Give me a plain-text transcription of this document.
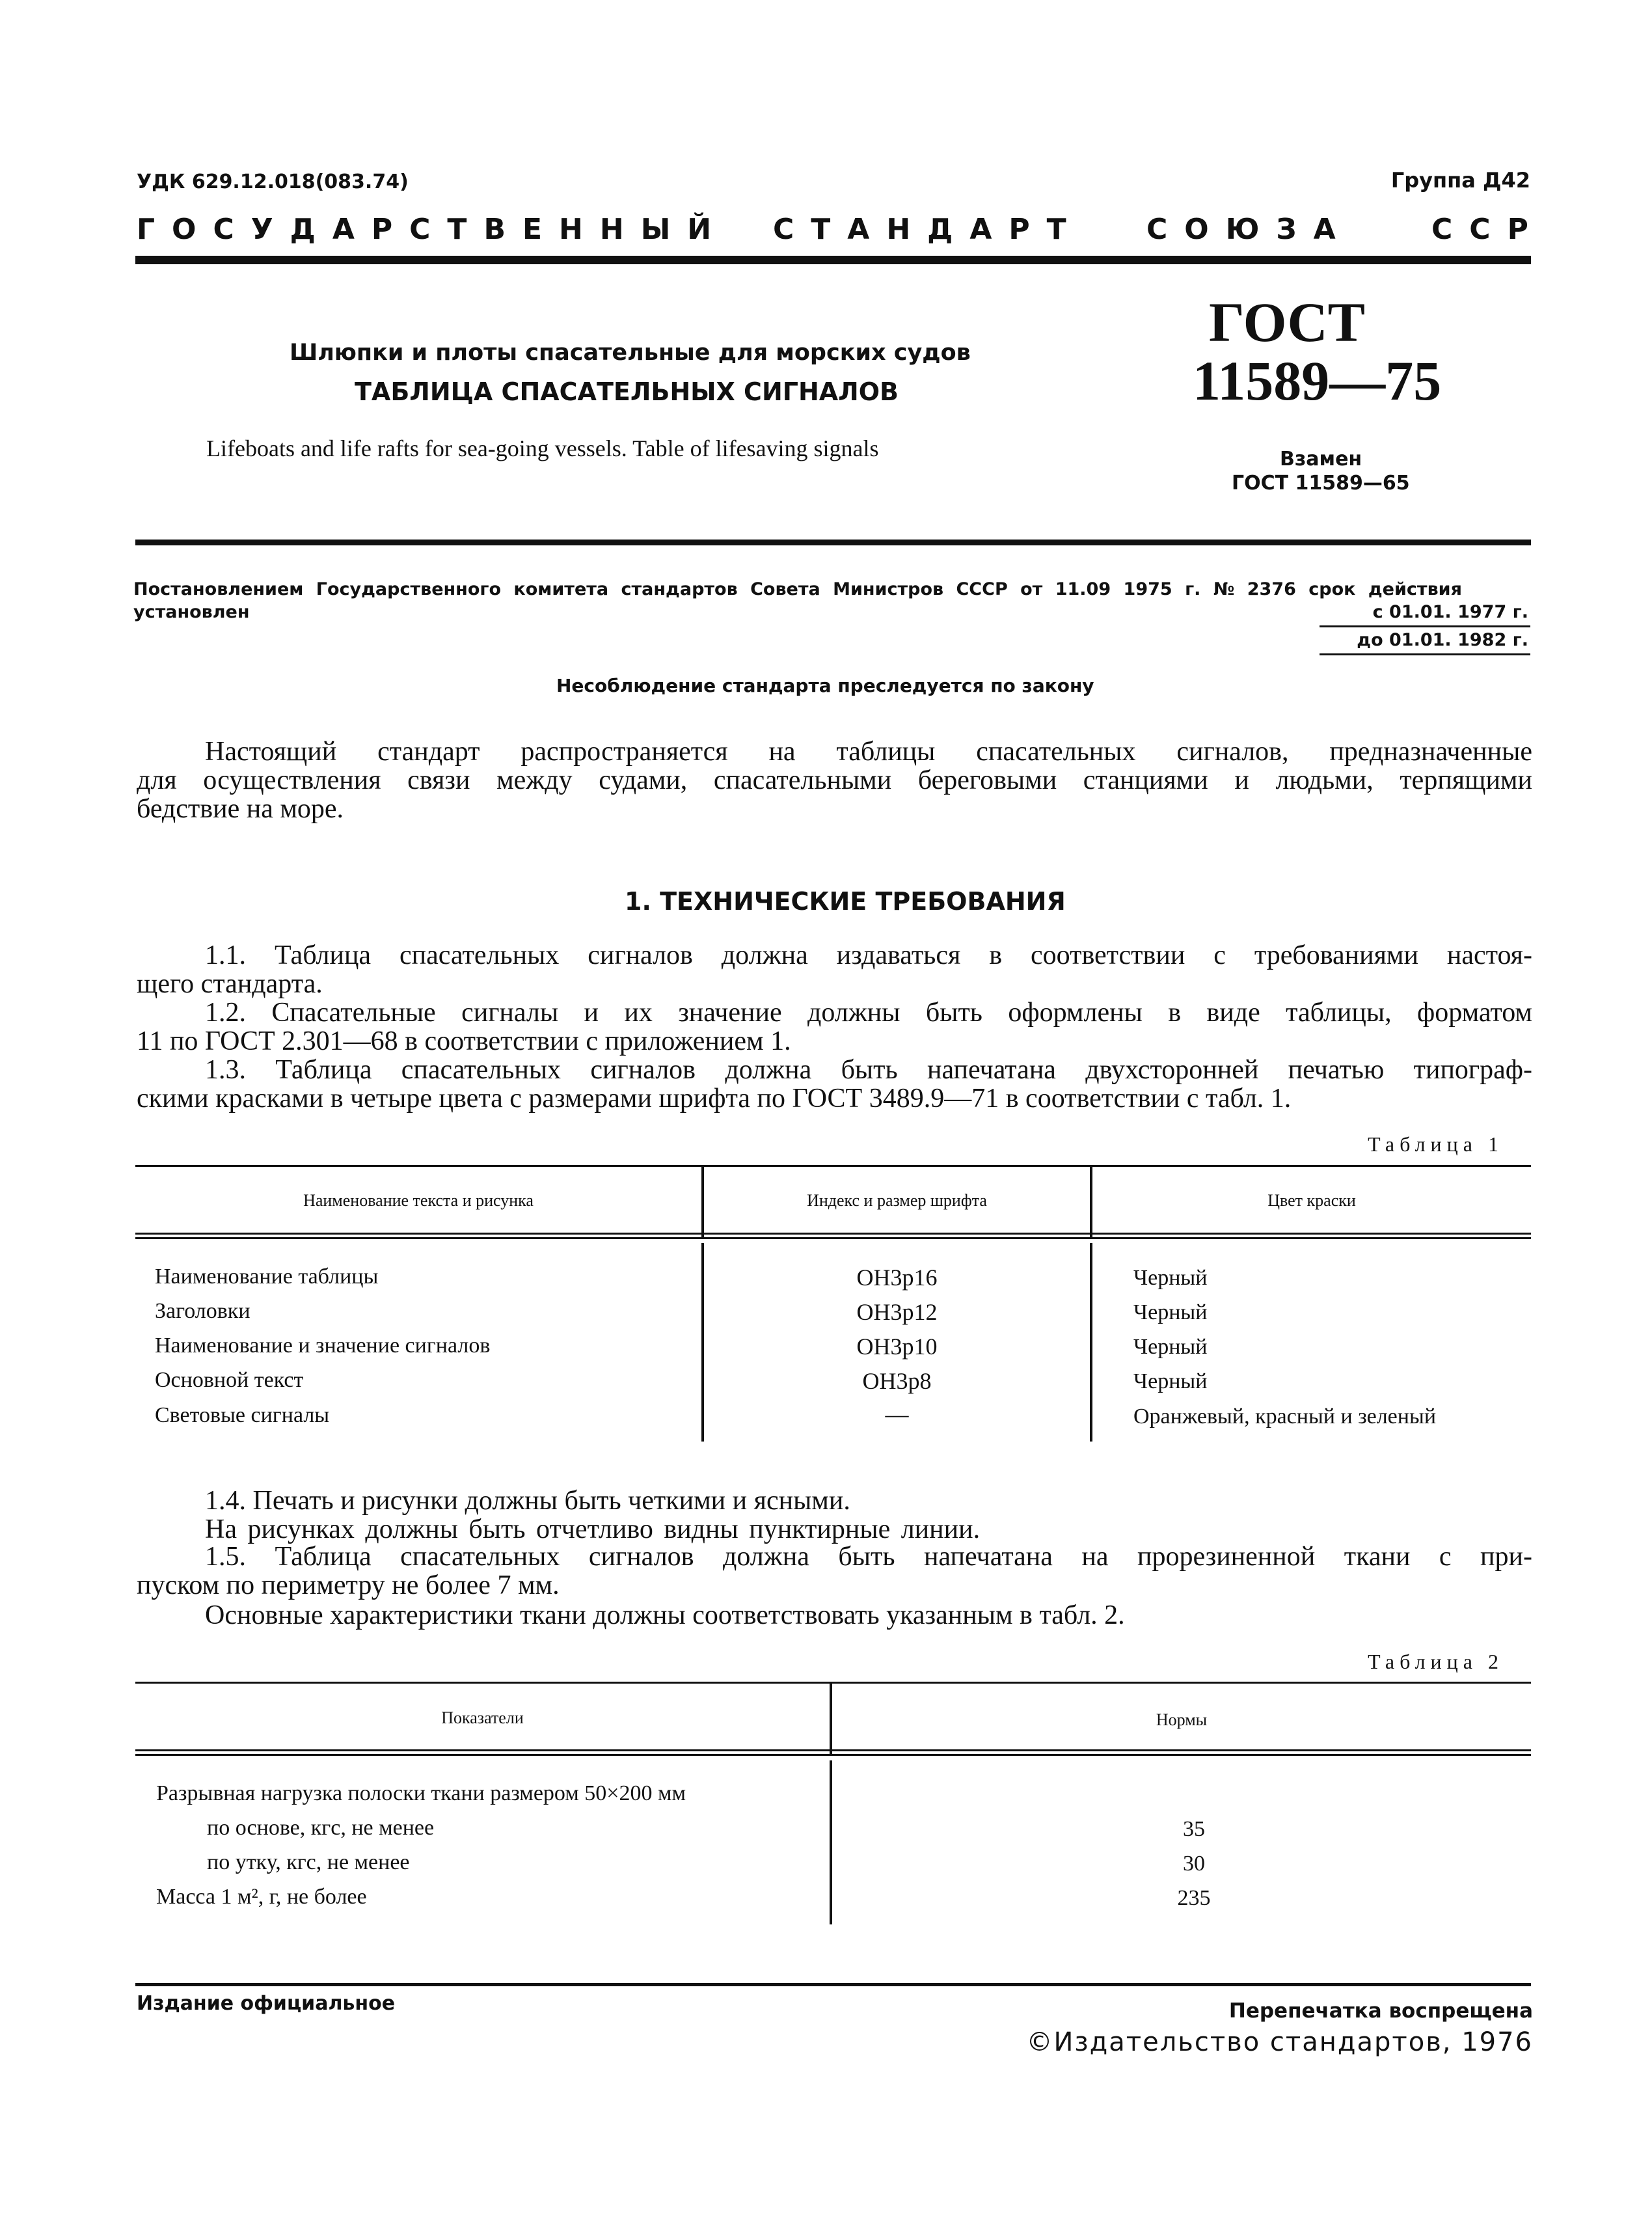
УДК 629.12.018(083.74)	Группа Д42
ГОСУДАРСТВЕННЫЙ СТАНДАРТ СОЮЗА	ССР
Шлюпки и плоты спасательные для морских судов
ТАБЛИЦА СПАСАТЕЛЬНЫХ СИГНАЛОВ
Lifeboats and life rafts for sea-going vessels. Table of lifesaving signals
ГОСТ
11589—75
Взамен
ГОСТ 11589—65
Постановлением Государственного комитета стандартов Совета Министров СССР от 11.09 1975 г. № 2376 срок действия
установлен	с 01.01. 1977 г.
до 01.01. 1982 г.
Несоблюдение стандарта преследуется по закону
Настоящий стандарт распространяется на таблицы спасательных сигналов, предназначенные
для осуществления связи между судами, спасательными береговыми станциями и людьми, терпящими
бедствие на море.
1. ТЕХНИЧЕСКИЕ ТРЕБОВАНИЯ
1.1. Таблица спасательных сигналов должна издаваться в соответствии с требованиями настоя-
щего стандарта.
1.2. Спасательные сигналы и их значение должны быть оформлены в виде таблицы, форматом
11 по ГОСТ 2.301—68 в соответствии с приложением 1.
1.3. Таблица спасательных сигналов должна быть напечатана двухсторонней печатью типограф-
скими красками в четыре цвета с размерами шрифта по ГОСТ 3489.9—71 в соответствии с табл. 1.
Таблица 1
Наименование текста и рисунка	Индекс и размер шрифта	Цвет краски
Наименование таблицы	ОН3р16	Черный
Заголовки	ОН3р12	Черный
Наименование и значение сигналов	ОН3р10	Черный
Основной текст	ОН3р8	Черный
Световые сигналы	—	Оранжевый, красный и зеленый
1.4. Печать и рисунки должны быть четкими и ясными.
На рисунках должны быть отчетливо видны пунктирные линии.
1.5. Таблица спасательных сигналов должна быть напечатана на прорезиненной ткани с при-
пуском по периметру не более 7 мм.
Основные характеристики ткани должны соответствовать указанным в табл. 2.
Таблица 2
Показатели	Нормы
Разрывная нагрузка полоски ткани размером 50×200 мм
по основе, кгс, не менее	35
по утку, кгс, не менее	30
Масса 1 м², г, не более	235
Издание официальное	Перепечатка воспрещена
©Издательство стандартов, 1976
